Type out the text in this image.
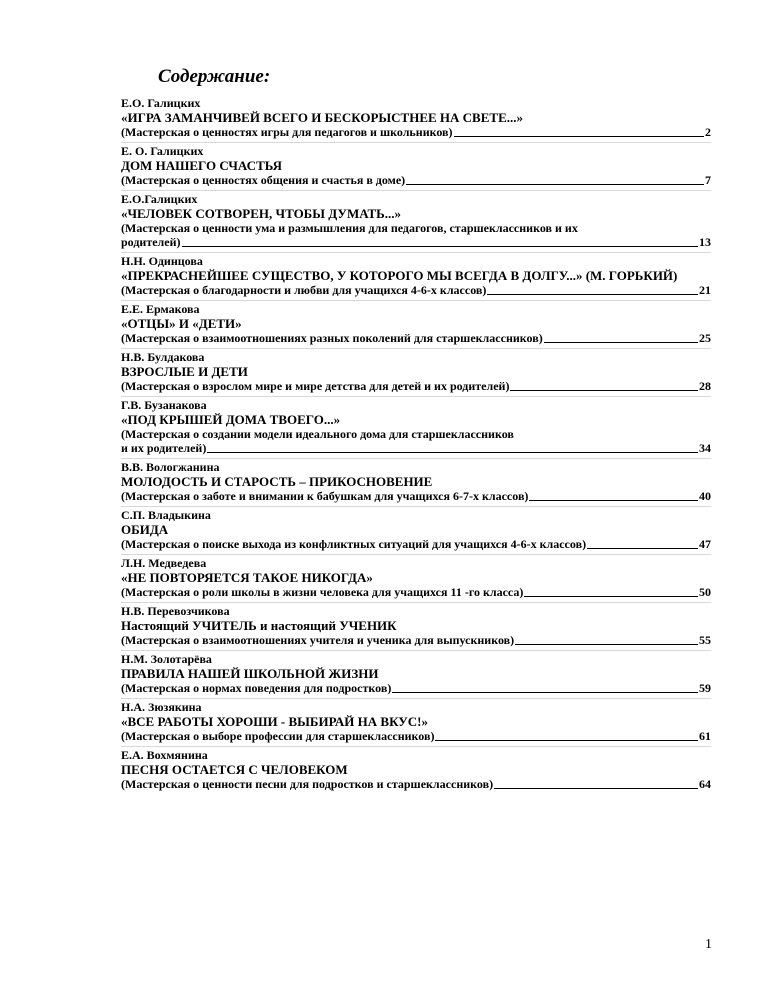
Содержание:
Е.О. Галицких
«ИГРА ЗАМАНЧИВЕЙ ВСЕГО И БЕСКОРЫСТНЕЕ НА СВЕТЕ...»
(Мастерская о ценностях игры для педагогов и школьников)	2
Е. О. Галицких
ДОМ НАШЕГО СЧАСТЬЯ
(Мастерская о ценностях общения и счастья в доме)	7
Е.О.Галицких
«ЧЕЛОВЕК СОТВОРЕН, ЧТОБЫ ДУМАТЬ...»
(Мастерская о ценности ума и размышления для педагогов, старшеклассников и их
родителей)	13
Н.Н. Одинцова
«ПРЕКРАСНЕЙШЕЕ СУЩЕСТВО, У КОТОРОГО МЫ ВСЕГДА В ДОЛГУ...» (М. ГОРЬКИЙ)
(Мастерская о благодарности и любви для учащихся 4-6-х классов)	21
Е.Е. Ермакова
«ОТЦЫ» И «ДЕТИ»
(Мастерская о взаимоотношениях разных поколений для старшеклассников)	25
Н.В. Булдакова
ВЗРОСЛЫЕ И ДЕТИ
(Мастерская о взрослом мире и мире детства для детей и их родителей)	28
Г.В. Бузанакова
«ПОД КРЫШЕЙ ДОМА ТВОЕГО...»
(Мастерская о создании модели идеального дома для старшеклассников
и их родителей)	34
В.В. Вологжанина
МОЛОДОСТЬ И СТАРОСТЬ – ПРИКОСНОВЕНИЕ
(Мастерская о заботе и внимании к бабушкам для учащихся 6-7-х классов)	40
С.П. Владыкина
ОБИДА
(Мастерская о поиске выхода из конфликтных ситуаций для учащихся 4-6-х классов)	47
Л.Н. Медведева
«НЕ ПОВТОРЯЕТСЯ ТАКОЕ НИКОГДА»
(Мастерская о роли школы в жизни человека для учащихся 11 -го класса)	50
Н.В. Перевозчикова
Настоящий УЧИТЕЛЬ и настоящий УЧЕНИК
(Мастерская о взаимоотношениях учителя и ученика для выпускников)	55
Н.М. Золотарёва
ПРАВИЛА НАШЕЙ ШКОЛЬНОЙ ЖИЗНИ
(Мастерская о нормах поведения для подростков)	59
Н.А. Зюзякина
«ВСЕ РАБОТЫ ХОРОШИ - ВЫБИРАЙ НА ВКУС!»
(Мастерская о выборе профессии для старшеклассников)	61
Е.А. Вохмянина
ПЕСНЯ ОСТАЕТСЯ С ЧЕЛОВЕКОМ
(Мастерская о ценности песни для подростков и старшеклассников)	64
1
